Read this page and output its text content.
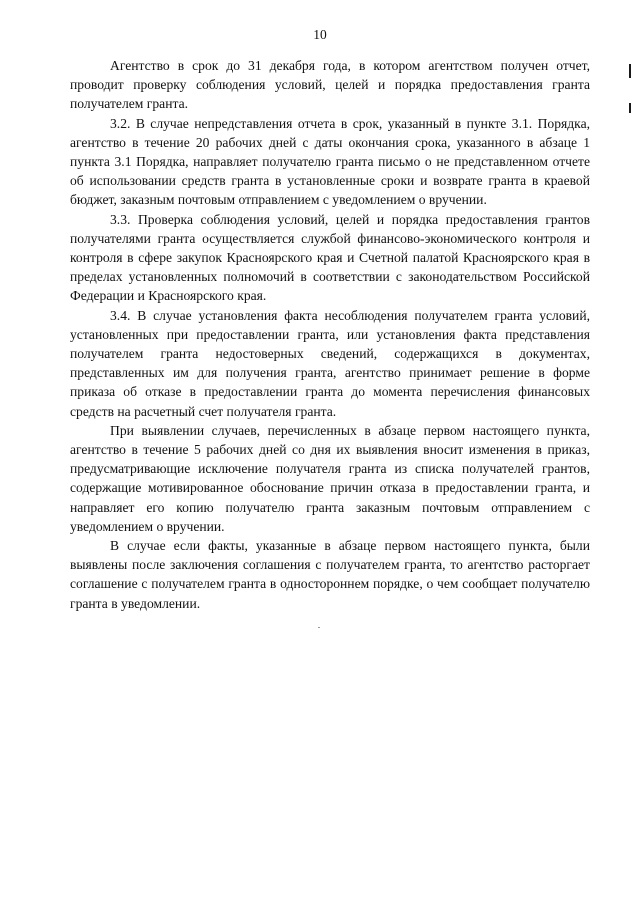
10

Агентство в срок до 31 декабря года, в котором агентством получен отчет, проводит проверку соблюдения условий, целей и порядка предоставления гранта получателем гранта.

3.2. В случае непредставления отчета в срок, указанный в пункте 3.1. Порядка, агентство в течение 20 рабочих дней с даты окончания срока, указанного в абзаце 1 пункта 3.1 Порядка, направляет получателю гранта письмо о не представленном отчете об использовании средств гранта в установленные сроки и возврате гранта в краевой бюджет, заказным почтовым отправлением с уведомлением о вручении.

3.3. Проверка соблюдения условий, целей и порядка предоставления грантов получателями гранта осуществляется службой финансово-экономического контроля и контроля в сфере закупок Красноярского края и Счетной палатой Красноярского края в пределах установленных полномочий в соответствии с законодательством Российской Федерации и Красноярского края.

3.4. В случае установления факта несоблюдения получателем гранта условий, установленных при предоставлении гранта, или установления факта представления получателем гранта недостоверных сведений, содержащихся в документах, представленных им для получения гранта, агентство принимает решение в форме приказа об отказе в предоставлении гранта до момента перечисления финансовых средств на расчетный счет получателя гранта.

При выявлении случаев, перечисленных в абзаце первом настоящего пункта, агентство в течение 5 рабочих дней со дня их выявления вносит изменения в приказ, предусматривающие исключение получателя гранта из списка получателей грантов, содержащие мотивированное обоснование причин отказа в предоставлении гранта, и направляет его копию получателю гранта заказным почтовым отправлением с уведомлением о вручении.

В случае если факты, указанные в абзаце первом настоящего пункта, были выявлены после заключения соглашения с получателем гранта, то агентство расторгает соглашение с получателем гранта в одностороннем порядке, о чем сообщает получателю гранта в уведомлении.
